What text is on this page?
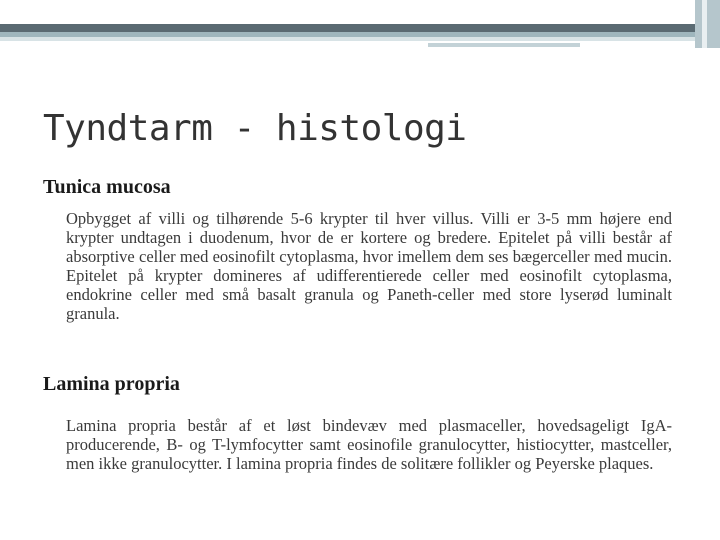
Tyndtarm - histologi
Tunica mucosa

Opbygget af villi og tilhørende 5-6 krypter til hver villus. Villi er 3-5 mm højere end krypter undtagen i duodenum, hvor de er kortere og bredere. Epitelet på villi består af absorptive celler med eosinofilt cytoplasma, hvor imellem dem ses bægerceller med mucin. Epitelet på krypter domineres af udifferentierede celler med eosinofilt cytoplasma, endokrine celler med små basalt granula og Paneth-celler med store lyserød luminalt granula.

Lamina propria

Lamina propria består af et løst bindevæv med plasmaceller, hovedsageligt IgA-producerende, B- og T-lymfocytter samt eosinofile granulocytter, histiocytter, mastceller, men ikke granulocytter. I lamina propria findes de solitære follikler og Peyerske plaques.
